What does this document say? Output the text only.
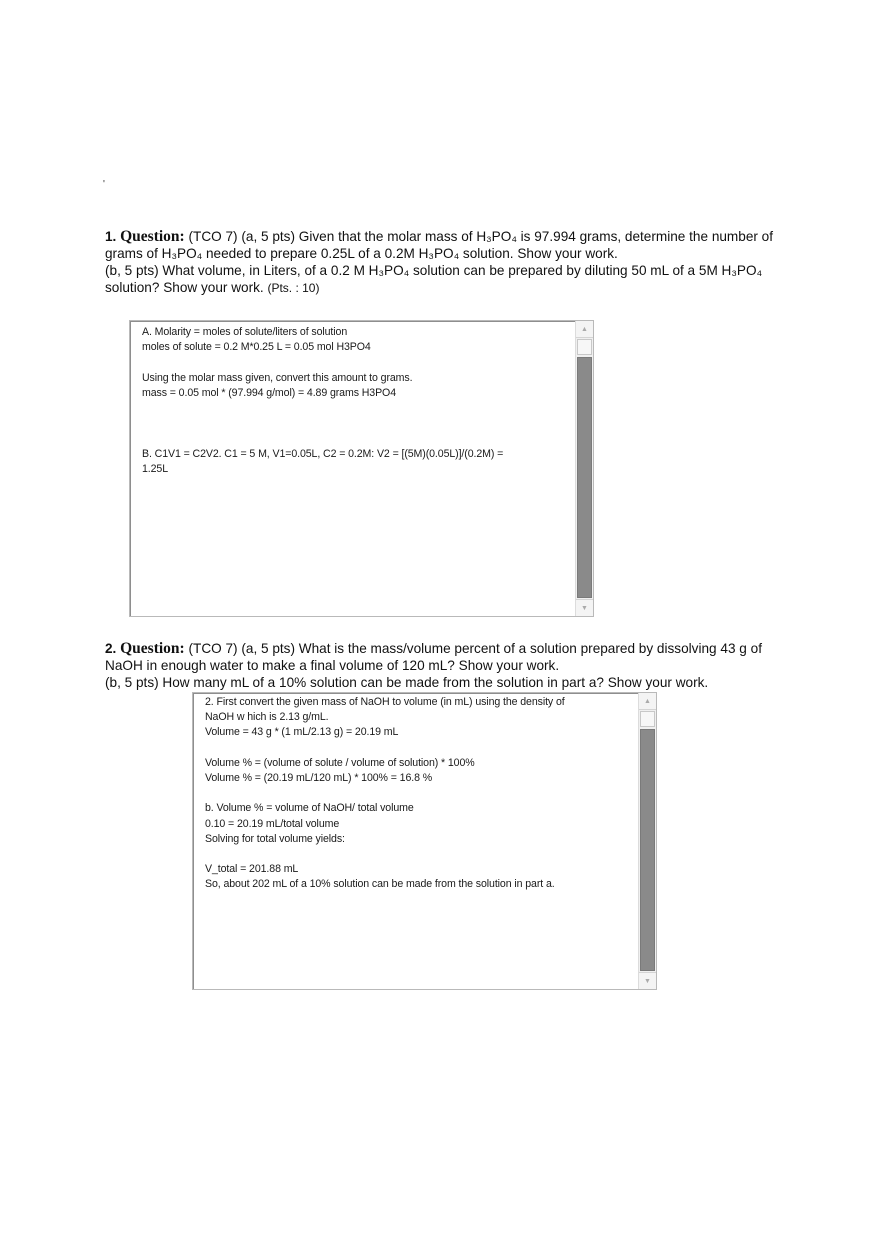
'
1. Question: (TCO 7) (a, 5 pts) Given that the molar mass of H₃PO₄ is 97.994 grams, determine the number of grams of H₃PO₄ needed to prepare 0.25L of a 0.2M H₃PO₄ solution. Show your work.
(b, 5 pts) What volume, in Liters, of a 0.2 M H₃PO₄ solution can be prepared by diluting 50 mL of a 5M H₃PO₄ solution? Show your work. (Pts. : 10)

A. Molarity = moles of solute/liters of solution

moles of solute = 0.2 M*0.25 L = 0.05 mol H3PO4

Using the molar mass given, convert this amount to grams.

mass = 0.05 mol * (97.994 g/mol) = 4.89 grams H3PO4

B. C1V1 = C2V2. C1 = 5 M, V1=0.05L, C2 = 0.2M: V2 = [(5M)(0.05L)]/(0.2M) =

1.25L

▲
▼
2. Question: (TCO 7) (a, 5 pts) What is the mass/volume percent of a solution prepared by dissolving 43 g of NaOH in enough water to make a final volume of 120 mL? Show your work.
(b, 5 pts) How many mL of a 10% solution can be made from the solution in part a? Show your work.

2. First convert the given mass of NaOH to volume (in mL) using the density of

NaOH w hich is 2.13 g/mL.

Volume = 43 g * (1 mL/2.13 g) = 20.19 mL

Volume % = (volume of solute / volume of solution) * 100%

Volume % = (20.19 mL/120 mL) * 100% = 16.8 %

b. Volume % = volume of NaOH/ total volume

0.10 = 20.19 mL/total volume

Solving for total volume yields:

V_total = 201.88 mL

So, about 202 mL of a 10% solution can be made from the solution in part a.

▲
▼
